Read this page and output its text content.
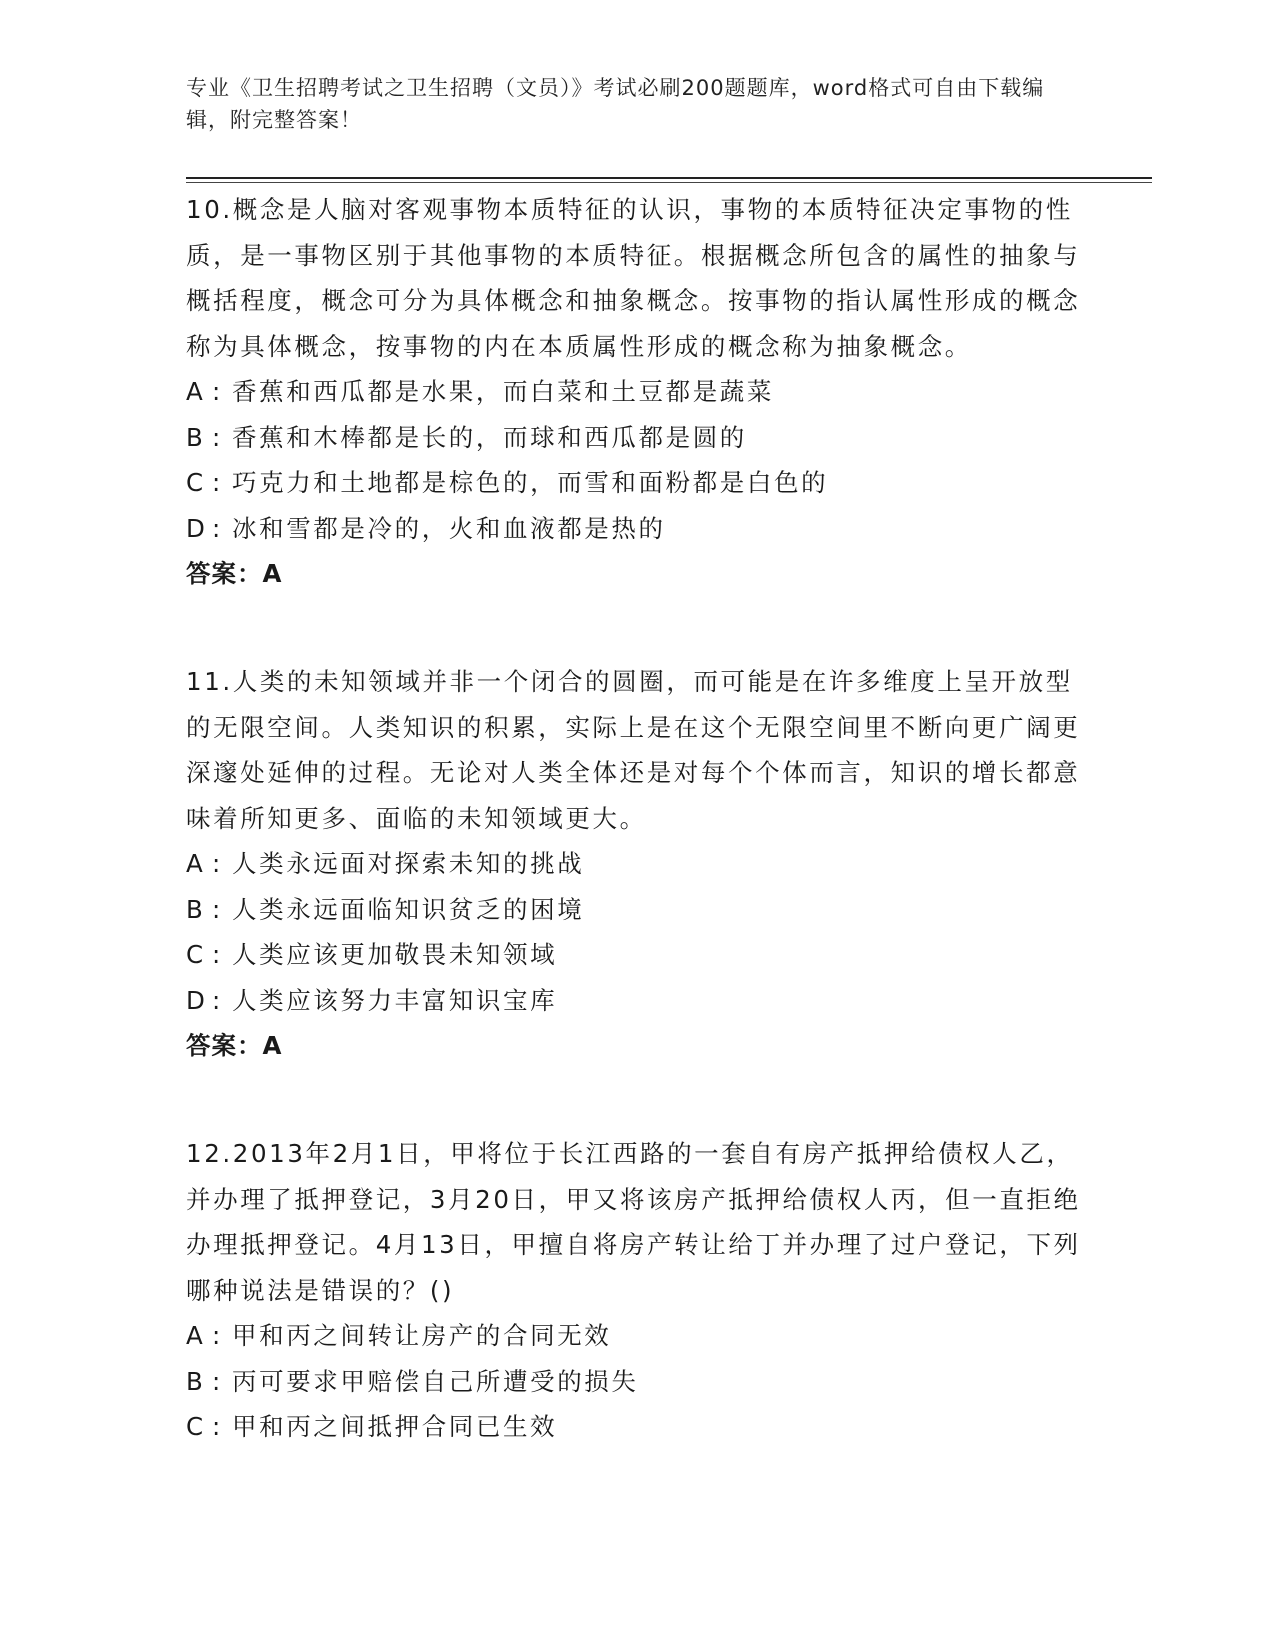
专业《卫生招聘考试之卫生招聘（文员）》考试必刷200题题库，word格式可自由下载编辑，附完整答案！

10.概念是人脑对客观事物本质特征的认识，事物的本质特征决定事物的性质，是一事物区别于其他事物的本质特征。根据概念所包含的属性的抽象与概括程度，概念可分为具体概念和抽象概念。按事物的指认属性形成的概念称为具体概念，按事物的内在本质属性形成的概念称为抽象概念。

A : 香蕉和西瓜都是水果，而白菜和土豆都是蔬菜

B : 香蕉和木棒都是长的，而球和西瓜都是圆的

C : 巧克力和土地都是棕色的，而雪和面粉都是白色的

D : 冰和雪都是冷的，火和血液都是热的

答案：A

11.人类的未知领域并非一个闭合的圆圈，而可能是在许多维度上呈开放型的无限空间。人类知识的积累，实际上是在这个无限空间里不断向更广阔更深邃处延伸的过程。无论对人类全体还是对每个个体而言，知识的增长都意味着所知更多、面临的未知领域更大。

A : 人类永远面对探索未知的挑战

B : 人类永远面临知识贫乏的困境

C : 人类应该更加敬畏未知领域

D : 人类应该努力丰富知识宝库

答案：A

12.2013年2月1日，甲将位于长江西路的一套自有房产抵押给债权人乙，并办理了抵押登记，3月20日，甲又将该房产抵押给债权人丙，但一直拒绝办理抵押登记。4月13日，甲擅自将房产转让给丁并办理了过户登记，下列哪种说法是错误的？()

A : 甲和丙之间转让房产的合同无效

B : 丙可要求甲赔偿自己所遭受的损失

C : 甲和丙之间抵押合同已生效
